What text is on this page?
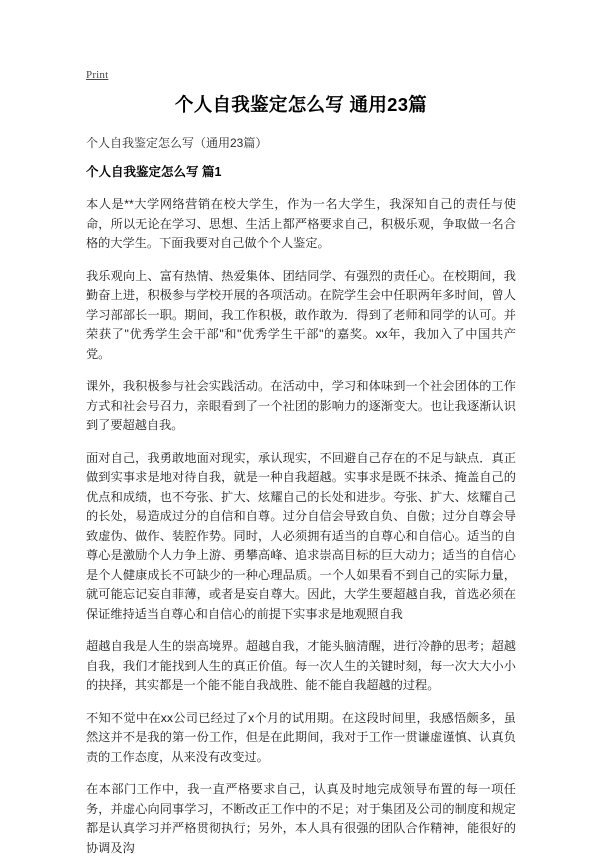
Print
个人自我鉴定怎么写 通用23篇

个人自我鉴定怎么写（通用23篇）

个人自我鉴定怎么写 篇1

本人是**大学网络营销在校大学生，作为一名大学生，我深知自己的责任与使命，所以无论在学习、思想、生活上都严格要求自己，积极乐观，争取做一名合格的大学生。下面我要对自己做个个人鉴定。

我乐观向上、富有热情、热爱集体、团结同学、有强烈的责任心。在校期间，我勤奋上进，积极参与学校开展的各项活动。在院学生会中任职两年多时间，曾人学习部部长一职。期间，我工作积极，敢作敢为．得到了老师和同学的认可。并荣获了"优秀学生会干部"和"优秀学生干部"的嘉奖。xx年，我加入了中国共产党。

课外，我积极参与社会实践活动。在活动中，学习和体味到一个社会团体的工作方式和社会号召力，亲眼看到了一个社团的影响力的逐渐变大。也让我逐渐认识到了要超越自我。

面对自己，我勇敢地面对现实，承认现实，不回避自己存在的不足与缺点．真正做到实事求是地对待自我，就是一种自我超越。实事求是既不抹杀、掩盖自己的优点和成绩，也不夸张、扩大、炫耀自己的长处和进步。夸张、扩大、炫耀自己的长处，易造成过分的自信和自尊。过分自信会导致自负、自傲；过分自尊会导致虚伪、做作、装腔作势。同时，人必须拥有适当的自尊心和自信心。适当的自尊心是激励个人力争上游、勇攀高峰、追求崇高目标的巨大动力；适当的自信心是个人健康成长不可缺少的一种心理品质。一个人如果看不到自己的实际力量，就可能忘记妄自菲薄，或者是妄自尊大。因此，大学生要超越自我，首选必须在保证维持适当自尊心和自信心的前提下实事求是地观照自我

超越自我是人生的崇高境界。超越自我，才能头脑清醒，进行冷静的思考；超越自我，我们才能找到人生的真正价值。每一次人生的关键时刻，每一次大大小小的抉择，其实都是一个能不能自我战胜、能不能自我超越的过程。

不知不觉中在xx公司已经过了x个月的试用期。在这段时间里，我感悟颇多，虽然这并不是我的第一份工作，但是在此期间，我对于工作一贯谦虚谨慎、认真负责的工作态度，从来没有改变过。

在本部门工作中，我一直严格要求自己，认真及时地完成领导布置的每一项任务，并虚心向同事学习，不断改正工作中的不足；对于集团及公司的制度和规定都是认真学习并严格贯彻执行；另外，本人具有很强的团队合作精神，能很好的协调及沟
